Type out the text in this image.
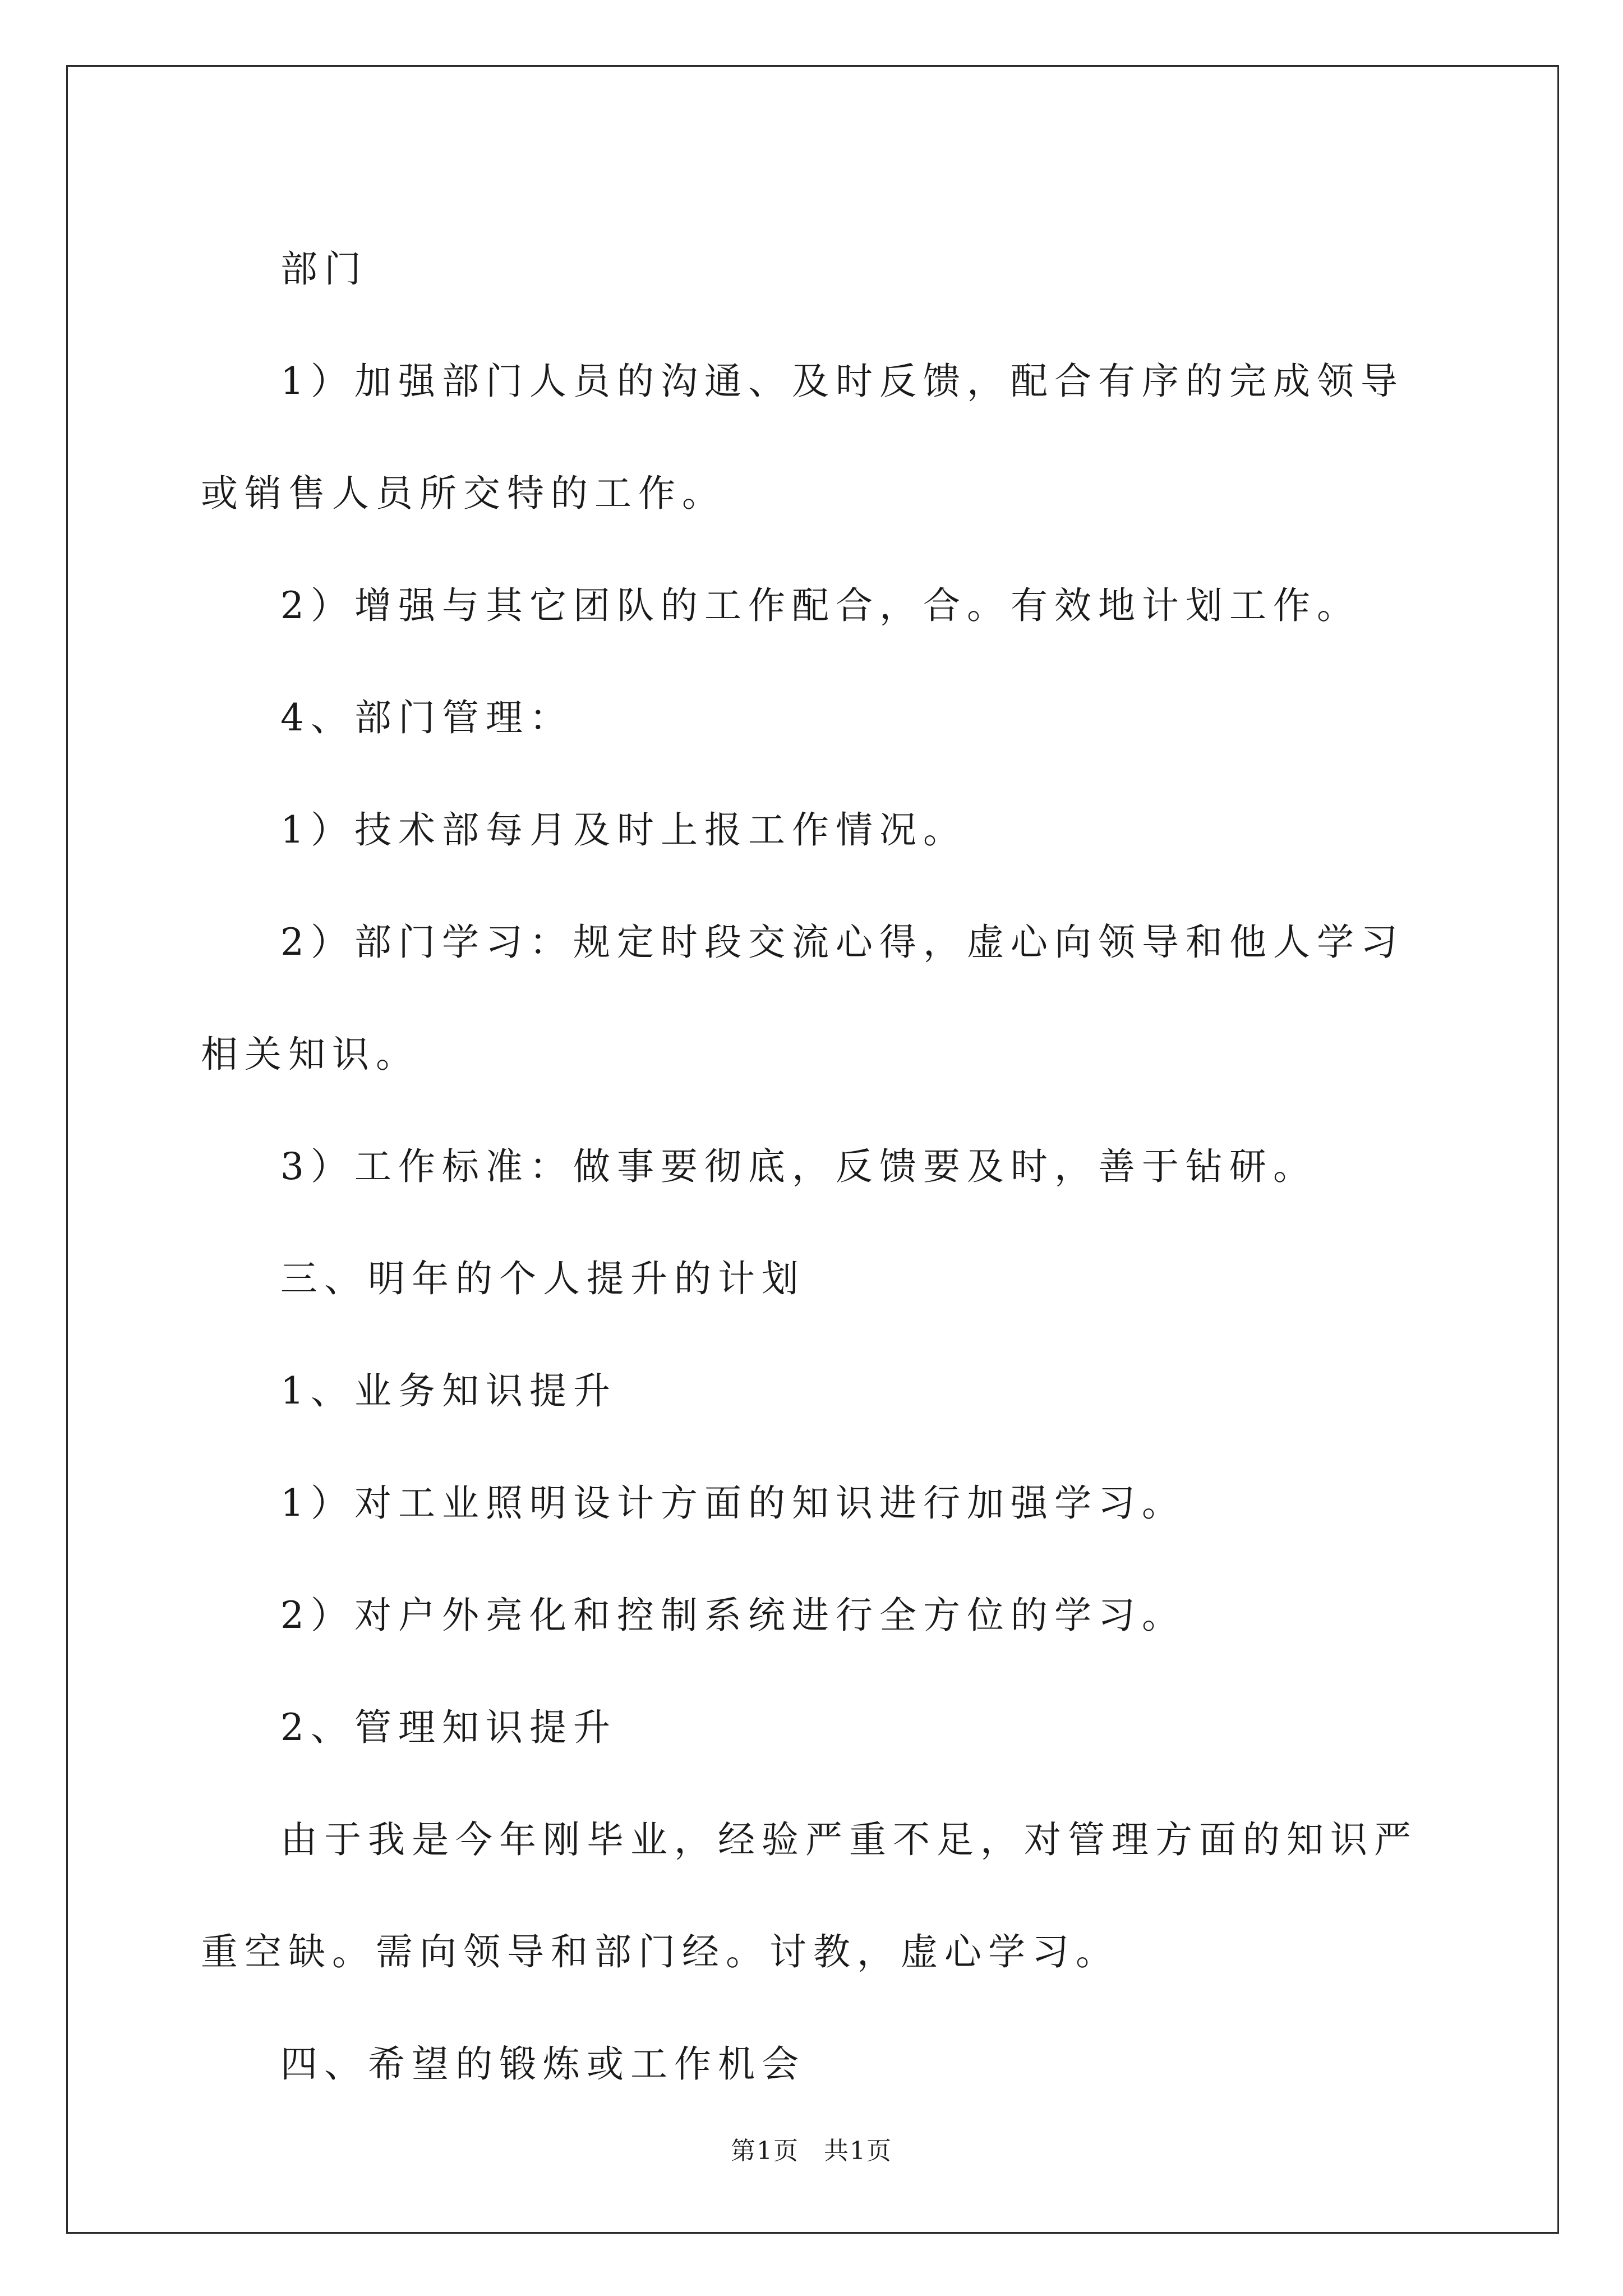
部门

1）加强部门人员的沟通、及时反馈，配合有序的完成领导或销售人员所交特的工作。

2）增强与其它团队的工作配合，合。有效地计划工作。

4、部门管理：

1）技术部每月及时上报工作情况。

2）部门学习：规定时段交流心得，虚心向领导和他人学习相关知识。

3）工作标准：做事要彻底，反馈要及时，善于钻研。

三、明年的个人提升的计划

1、业务知识提升

1）对工业照明设计方面的知识进行加强学习。

2）对户外亮化和控制系统进行全方位的学习。

2、管理知识提升

由于我是今年刚毕业，经验严重不足，对管理方面的知识严重空缺。需向领导和部门经。讨教，虚心学习。

四、希望的锻炼或工作机会

第1页 共1页
